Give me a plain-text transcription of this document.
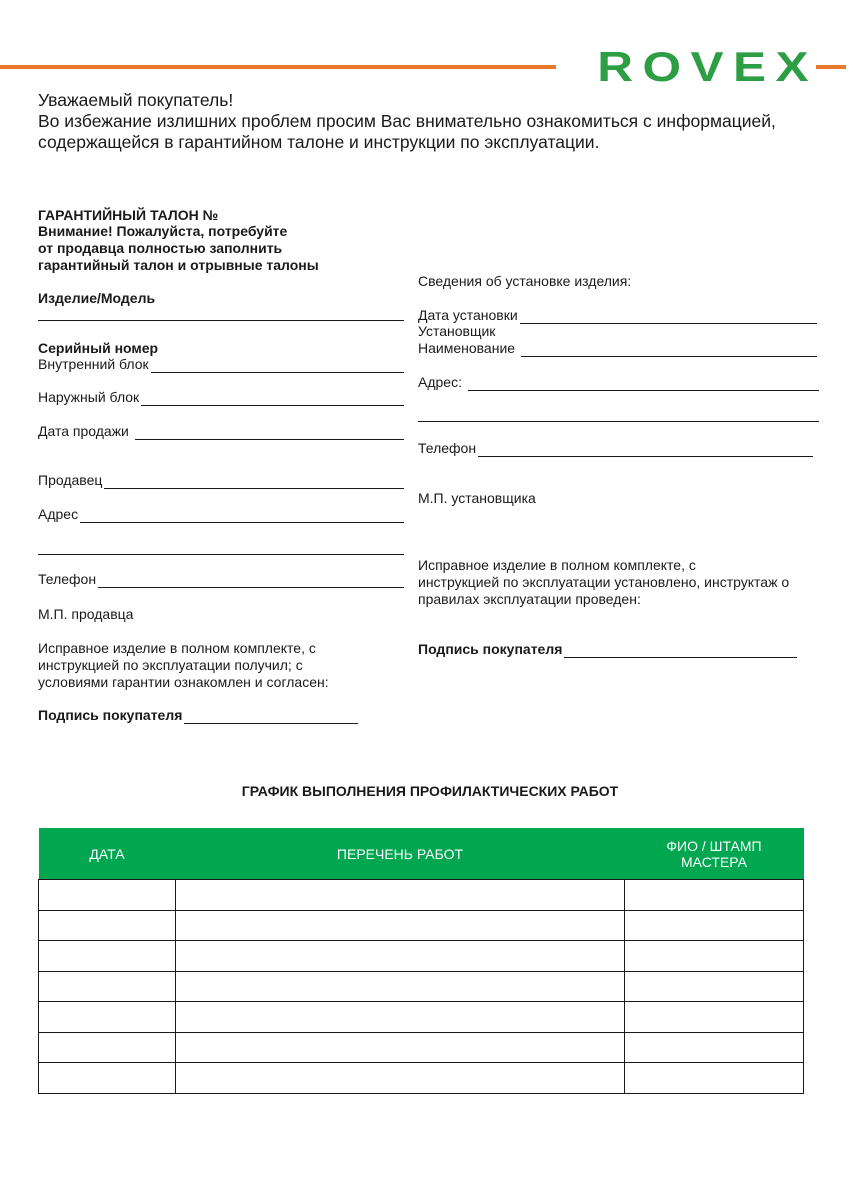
ROVEX
Уважаемый покупатель!
Во избежание излишних проблем просим Вас внимательно ознакомиться с информацией,
содержащейся в гарантийном талоне и инструкции по эксплуатации.
ГАРАНТИЙНЫЙ ТАЛОН №
Внимание! Пожалуйста, потребуйте
от продавца полностью заполнить
гарантийный талон и отрывные талоны
Изделие/Модель
Серийный номер
Внутренний блок
Наружный блок
Дата продажи
Продавец
Адрес
Телефон
М.П. продавца
Исправное изделие в полном комплекте, с
инструкцией по эксплуатации получил; с
условиями гарантии ознакомлен и согласен:
Подпись покупателя
Сведения об установке изделия:
Дата установки
Установщик
Наименование
Адрес:
Телефон
М.П. установщика
Исправное изделие в полном комплекте, с
инструкцией по эксплуатации установлено, инструктаж о
правилах эксплуатации проведен:
Подпись покупателя
ГРАФИК ВЫПОЛНЕНИЯ ПРОФИЛАКТИЧЕСКИХ РАБОТ
ДАТА	ПЕРЕЧЕНЬ РАБОТ	ФИО / ШТАМП МАСТЕРА
